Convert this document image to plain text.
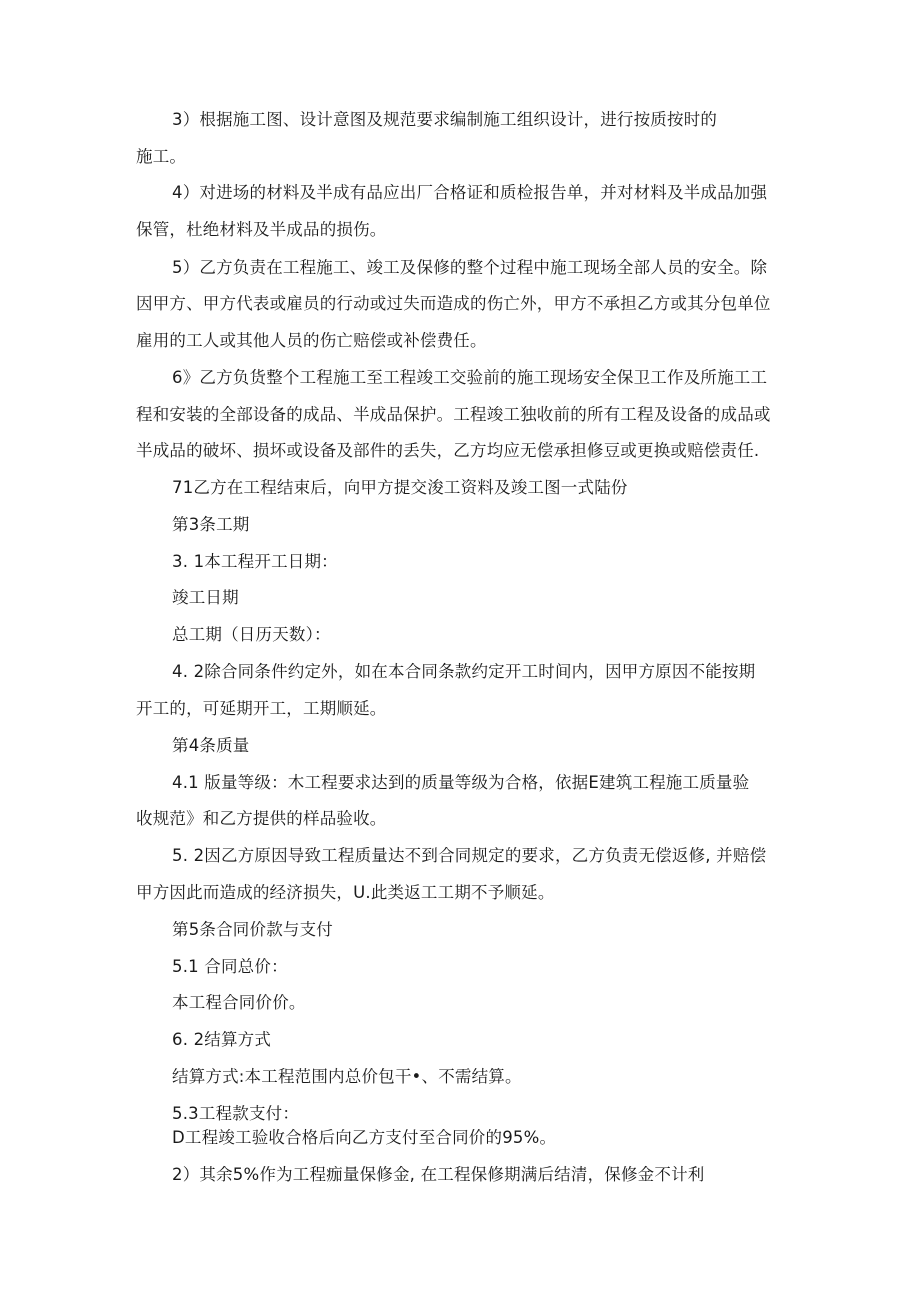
3）根据施工图、设计意图及规范要求编制施工组织设计，进行按质按时的

施工。

4）对进场的材料及半成有品应出厂合格证和质检报告单，并对材料及半成品加强

保管，杜绝材料及半成品的损伤。

5）乙方负责在工程施工、竣工及保修的整个过程中施工现场全部人员的安全。除

因甲方、甲方代表或雇员的行动或过失而造成的伤亡外，甲方不承担乙方或其分包单位

雇用的工人或其他人员的伤亡赔偿或补偿费任。

6》乙方负货整个工程施工至工程竣工交验前的施工现场安全保卫工作及所施工工

程和安装的全部设备的成品、半成品保护。工程竣工独收前的所有工程及设备的成品或

半成品的破坏、损坏或设备及部件的丢失，乙方均应无偿承担修豆或更换或赔偿责任.

71乙方在工程结束后，向甲方提交浚工资料及竣工图一式陆份

第3条工期

3. 1本工程开工日期：

竣工日期

总工期（日历天数）：

4. 2除合同条件约定外，如在本合同条款约定开工时间内，因甲方原因不能按期

开工的，可延期开工，工期顺延。

第4条质量

4.1 版量等级：木工程要求达到的质量等级为合格，依据E建筑工程施工质量验

收规范》和乙方提供的样品验收。

5. 2因乙方原因导致工程质量达不到合同规定的要求，乙方负责无偿返修, 并赔偿

甲方因此而造成的经济损失，U.此类返工工期不予顺延。

第5条合同价款与支付

5.1 合同总价：

本工程合同价价。

6. 2结算方式

结算方式:本工程范围内总价包干•、不需结算。

5.3工程款支付：

D工程竣工验收合格后向乙方支付至合同价的95%。

2）其余5%作为工程痂量保修金, 在工程保修期满后结清，保修金不计利
